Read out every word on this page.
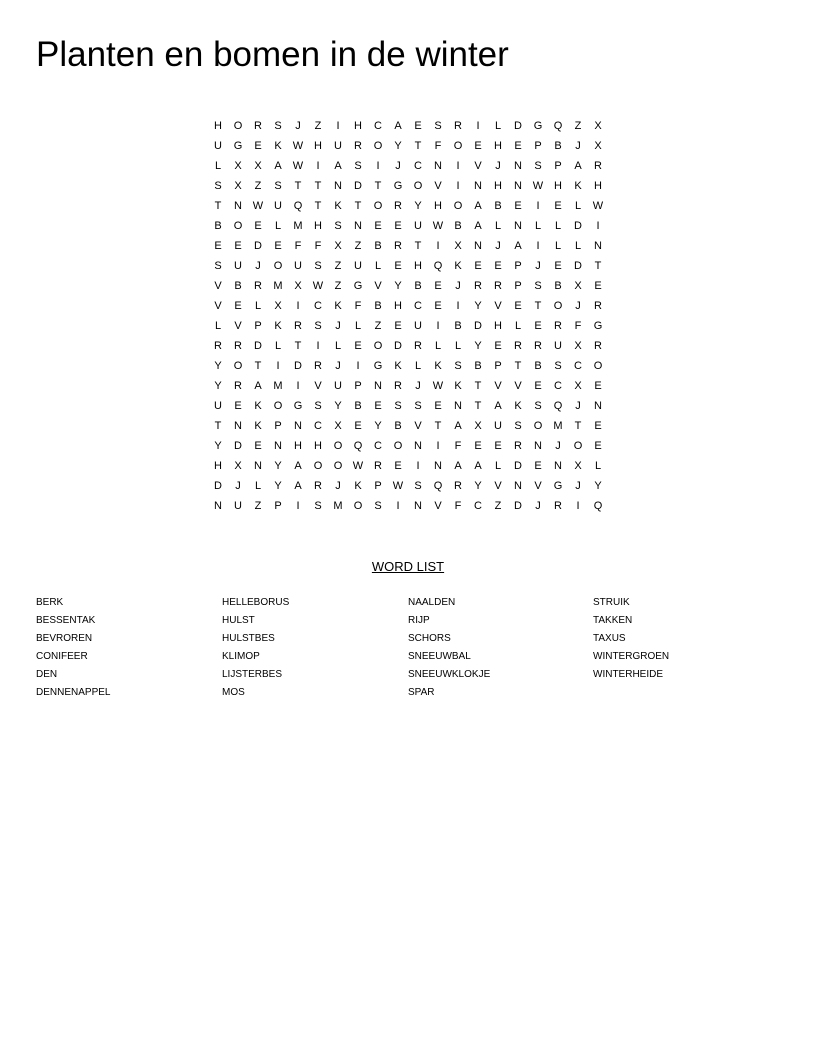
Planten en bomen in de winter
H	O	R	S	J	Z	I	H	C	A	E	S	R	I	L	D	G	Q	Z	X
U	G	E	K	W H	U	R	O	Y	T	F	O	E	H	E	P	B	J	X
L	X	X	A	W	I	A	S	I	J	C	N	I	V	J	N	S	P	A	R
S	X	Z	S	T	T	N	D	T	G	O	V	I	N	H	N W H	K	H
T	N W U	Q	T	K	T	O	R	Y	H	O	A	B	E	I	E	L	W
B	O	E	L	M	H	S	N	E	E	U W	B	A	L	N	L	L	D	I
E	E	D	E	F	F	X	Z	B	R	T	I	X	N	J	A	I	L	L	N
S	U	J	O	U	S	Z	U	L	E	H	Q	K	E	E	P	J	E	D	T
V	B	R	M	X	W	Z	G	V	Y	B	E	J	R	R	P	S	B	X	E
V	E	L	X	I	C	K	F	B	H	C	E	I	Y	V	E	T	O	J	R
L	V	P	K	R	S	J	L	Z	E	U	I	B	D	H	L	E	R	F	G
R	R	D	L	T	I	L	E	O	D	R	L	L	Y	E	R	R	U	X	R
Y	O	T	I	D	R	J	I	G	K	L	K	S	B	P	T	B	S	C	O
Y	R	A	M	I	V	U	P	N	R	J	W	K	T	V	V	E	C	X	E
U	E	K	O	G	S	Y	B	E	S	S	E	N	T	A	K	S	Q	J	N
T	N	K	P	N	C	X	E	Y	B	V	T	A	X	U	S	O	M	T	E
Y	D	E	N	H	H	O	Q	C	O	N	I	F	E	E	R	N	J	O	E
H	X	N	Y	A	O	O W R	E	I	N	A	A	L	D	E	N	X	L
D	J	L	Y	A	R	J	K	P	W	S	Q	R	Y	V	N	V	G	J	Y
N	U	Z	P	I	S	M	O	S	I	N	V	F	C	Z	D	J	R	I	Q
WORD LIST
BERK
BESSENTAK
BEVROREN
CONIFEER
DEN
DENNENAPPEL
HELLEBORUS
HULST
HULSTBES
KLIMOP
LIJSTERBES
MOS
NAALDEN
RIJP
SCHORS
SNEEUWBAL
SNEEUWKLOKJE
SPAR
STRUIK
TAKKEN
TAXUS
WINTERGROEN
WINTERHEIDE
